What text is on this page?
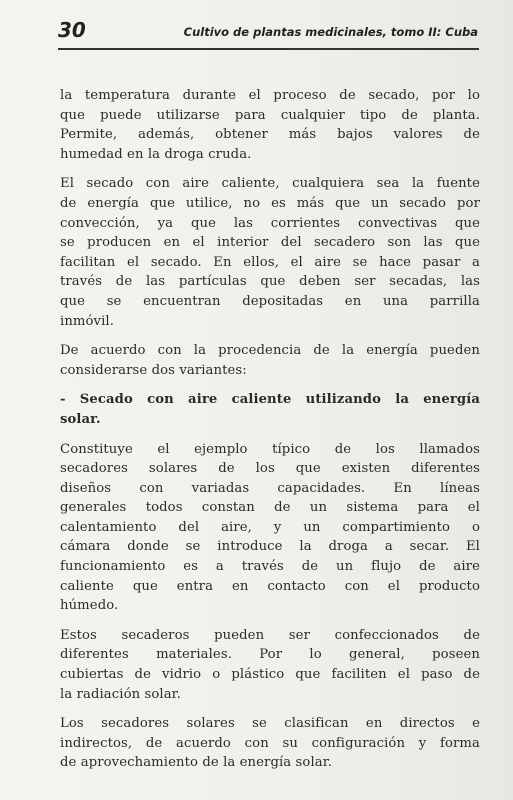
30	Cultivo de plantas medicinales, tomo II: Cuba
la temperatura durante el proceso de secado, por lo
que puede utilizarse para cualquier tipo de planta.
Permite, además, obtener más bajos valores de
humedad en la droga cruda.
El secado con aire caliente, cualquiera sea la fuente
de energía que utilice, no es más que un secado por
convección, ya que las corrientes convectivas que
se producen en el interior del secadero son las que
facilitan el secado. En ellos, el aire se hace pasar a
través de las partículas que deben ser secadas, las
que se encuentran depositadas en una parrilla
inmóvil.
De acuerdo con la procedencia de la energía pueden
considerarse dos variantes:
- Secado con aire caliente utilizando la energía
solar.
Constituye el ejemplo típico de los llamados
secadores solares de los que existen diferentes
diseños con variadas capacidades. En líneas
generales todos constan de un sistema para el
calentamiento del aire, y un compartimiento o
cámara donde se introduce la droga a secar. El
funcionamiento es a través de un flujo de aire
caliente que entra en contacto con el producto
húmedo.
Estos secaderos pueden ser confeccionados de
diferentes materiales. Por lo general, poseen
cubiertas de vidrio o plástico que faciliten el paso de
la radiación solar.
Los secadores solares se clasifican en directos e
indirectos, de acuerdo con su configuración y forma
de aprovechamiento de la energía solar.
